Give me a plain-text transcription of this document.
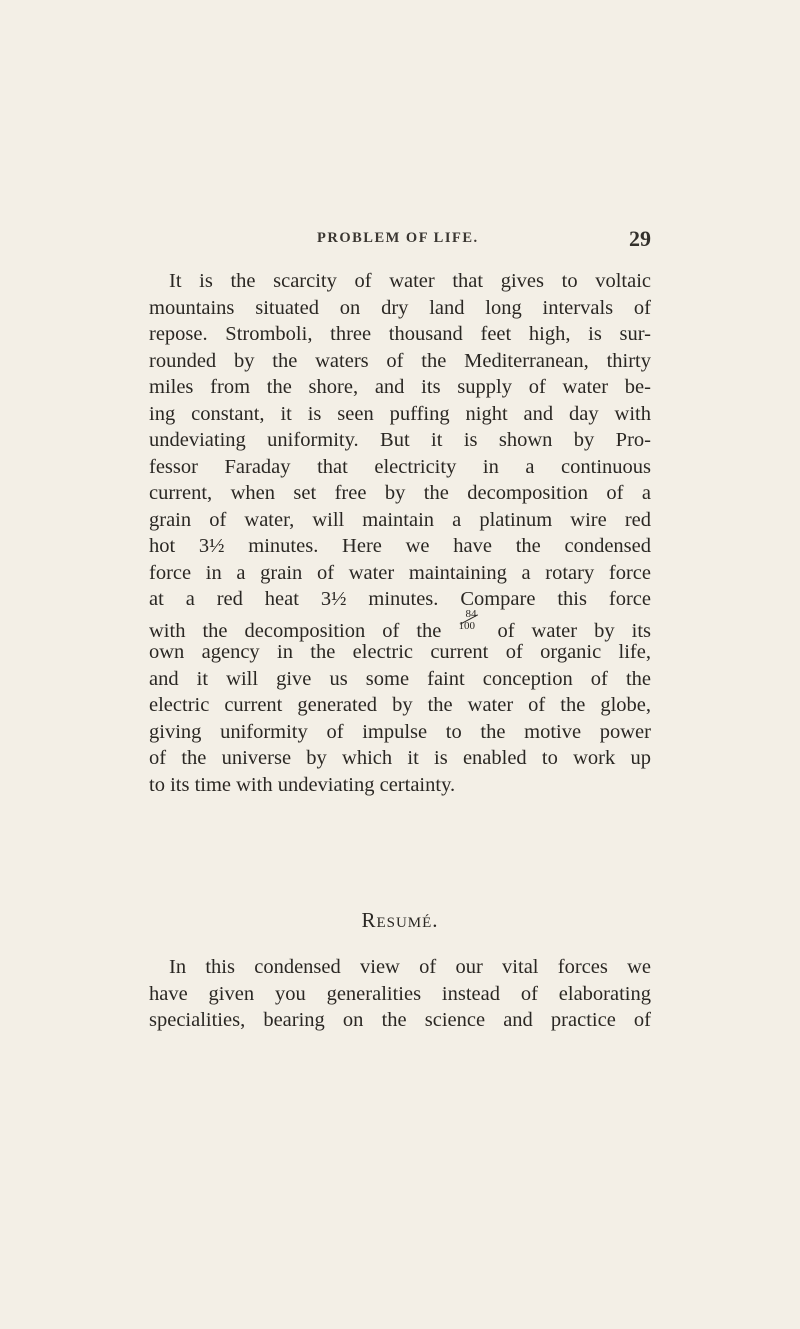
PROBLEM OF LIFE.	29
It is the scarcity of water that gives to voltaic
mountains situated on dry land long intervals of
repose. Stromboli, three thousand feet high, is sur-
rounded by the waters of the Mediterranean, thirty
miles from the shore, and its supply of water be-
ing constant, it is seen puffing night and day with
undeviating uniformity. But it is shown by Pro-
fessor Faraday that electricity in a continuous
current, when set free by the decomposition of a
grain of water, will maintain a platinum wire red
hot 3½ minutes. Here we have the condensed
force in a grain of water maintaining a rotary force
at a red heat 3½ minutes. Compare this force
with the decomposition of the
84
100 of water by its
own agency in the electric current of organic life,
and it will give us some faint conception of the
electric current generated by the water of the globe,
giving uniformity of impulse to the motive power
of the universe by which it is enabled to work up
to its time with undeviating certainty.
Resumé.
In this condensed view of our vital forces we
have given you generalities instead of elaborating
specialities, bearing on the science and practice of
